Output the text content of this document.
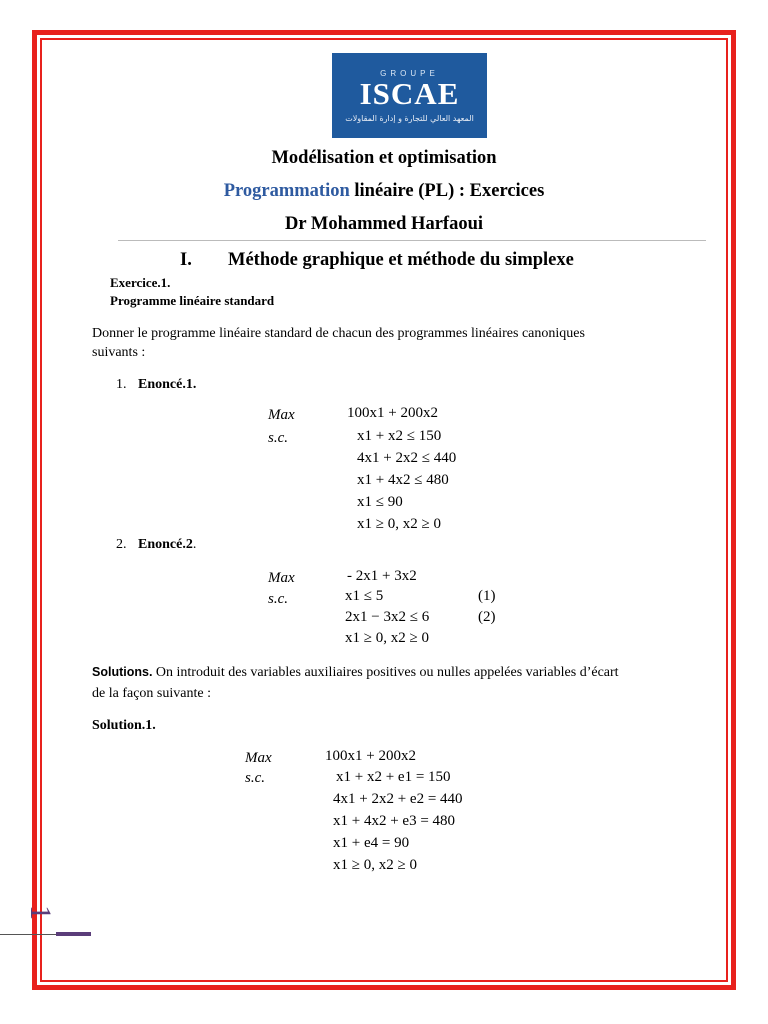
GROUPE
ISCAE
المعهد العالي للتجارة و إدارة المقاولات
Modélisation et optimisation
Programmation linéaire (PL) : Exercices
Dr Mohammed Harfaoui
I. Méthode graphique et méthode du simplexe
Exercice.1.
Programme linéaire standard
Donner le programme linéaire standard de chacun des programmes linéaires canoniques
suivants :
1. Enoncé.1.
Max
s.c.
100x1 + 200x2
x1 + x2 ≤ 150
4x1 + 2x2 ≤ 440
x1 + 4x2 ≤ 480
x1 ≤ 90
x1 ≥ 0, x2 ≥ 0
2. Enoncé.2.
Max
s.c.
- 2x1 + 3x2
x1 ≤ 5	(1)
2x1 − 3x2 ≤ 6	(2)
x1 ≥ 0, x2 ≥ 0
Solutions. On introduit des variables auxiliaires positives ou nulles appelées variables d’écart
de la façon suivante :
Solution.1.
Max
s.c.
100x1 + 200x2
x1 + x2 + e1 = 150
4x1 + 2x2 + e2 = 440
x1 + 4x2 + e3 = 480
x1 + e4 = 90
x1 ≥ 0, x2 ≥ 0
1
